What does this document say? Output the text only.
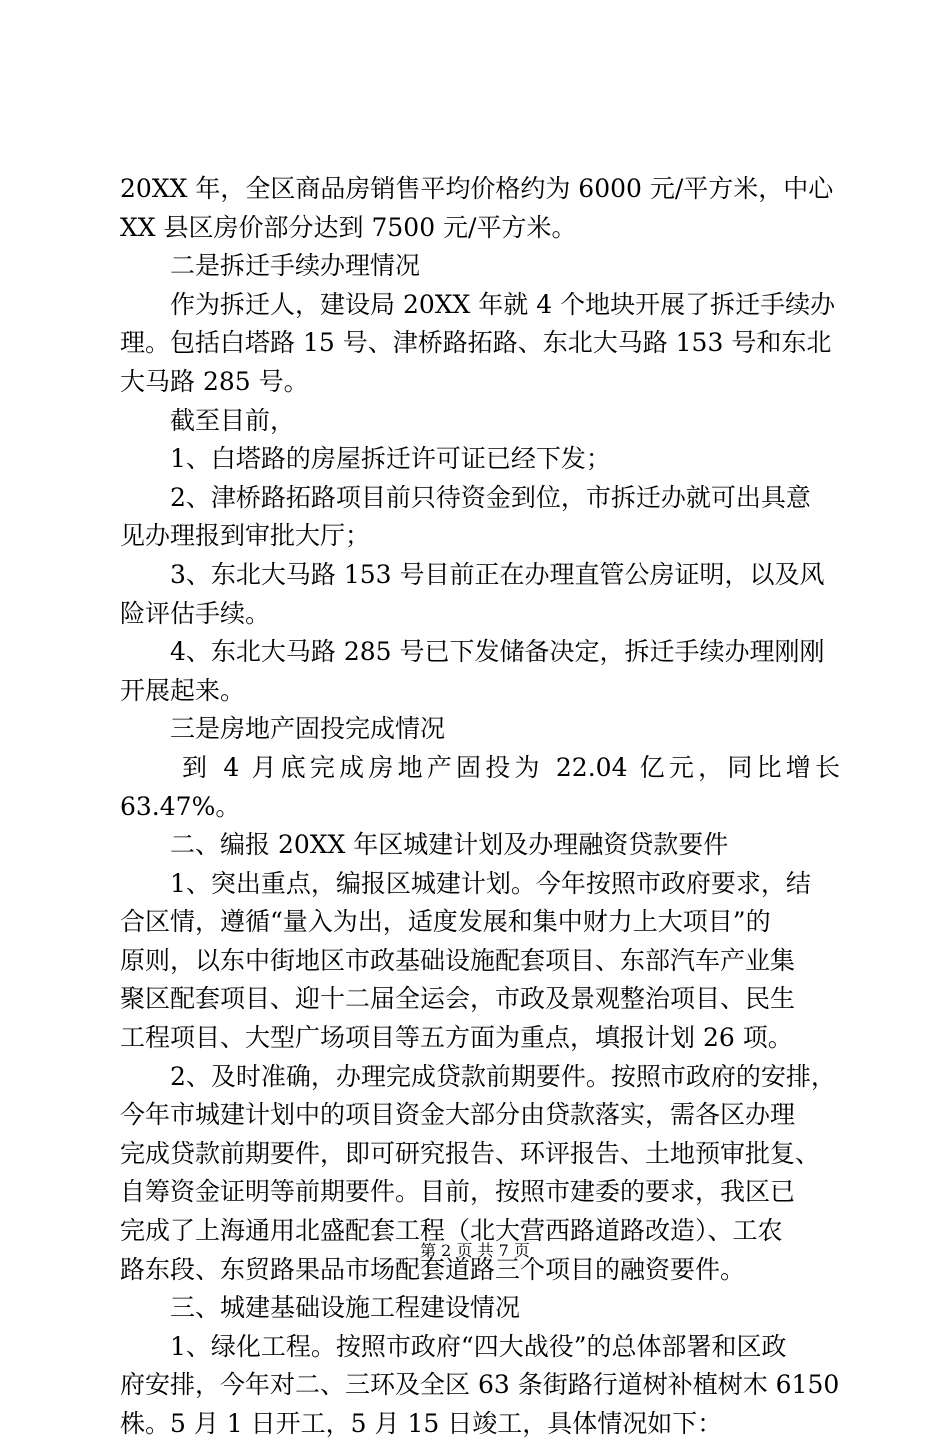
20XX 年，全区商品房销售平均价格约为 6000 元/平方米，中心
XX 县区房价部分达到 7500 元/平方米。
二是拆迁手续办理情况
作为拆迁人，建设局 20XX 年就 4 个地块开展了拆迁手续办
理。包括白塔路 15 号、津桥路拓路、东北大马路 153 号和东北
大马路 285 号。
截至目前，
1、白塔路的房屋拆迁许可证已经下发；
2、津桥路拓路项目前只待资金到位，市拆迁办就可出具意
见办理报到审批大厅；
3、东北大马路 153 号目前正在办理直管公房证明，以及风
险评估手续。
4、东北大马路 285 号已下发储备决定，拆迁手续办理刚刚
开展起来。
三是房地产固投完成情况
到 4 月底完成房地产固投为 22.04 亿元，同比增长
63.47%。
二、编报 20XX 年区城建计划及办理融资贷款要件
1、突出重点，编报区城建计划。今年按照市政府要求，结
合区情，遵循“量入为出，适度发展和集中财力上大项目”的
原则，以东中街地区市政基础设施配套项目、东部汽车产业集
聚区配套项目、迎十二届全运会，市政及景观整治项目、民生
工程项目、大型广场项目等五方面为重点，填报计划 26 项。
2、及时准确，办理完成贷款前期要件。按照市政府的安排，
今年市城建计划中的项目资金大部分由贷款落实，需各区办理
完成贷款前期要件，即可研究报告、环评报告、土地预审批复、
自筹资金证明等前期要件。目前，按照市建委的要求，我区已
完成了上海通用北盛配套工程（北大营西路道路改造）、工农
路东段、东贸路果品市场配套道路三个项目的融资要件。
三、城建基础设施工程建设情况
1、绿化工程。按照市政府“四大战役”的总体部署和区政
府安排，今年对二、三环及全区 63 条街路行道树补植树木 6150
株。5 月 1 日开工，5 月 15 日竣工，具体情况如下：
第 2 页 共 7 页
